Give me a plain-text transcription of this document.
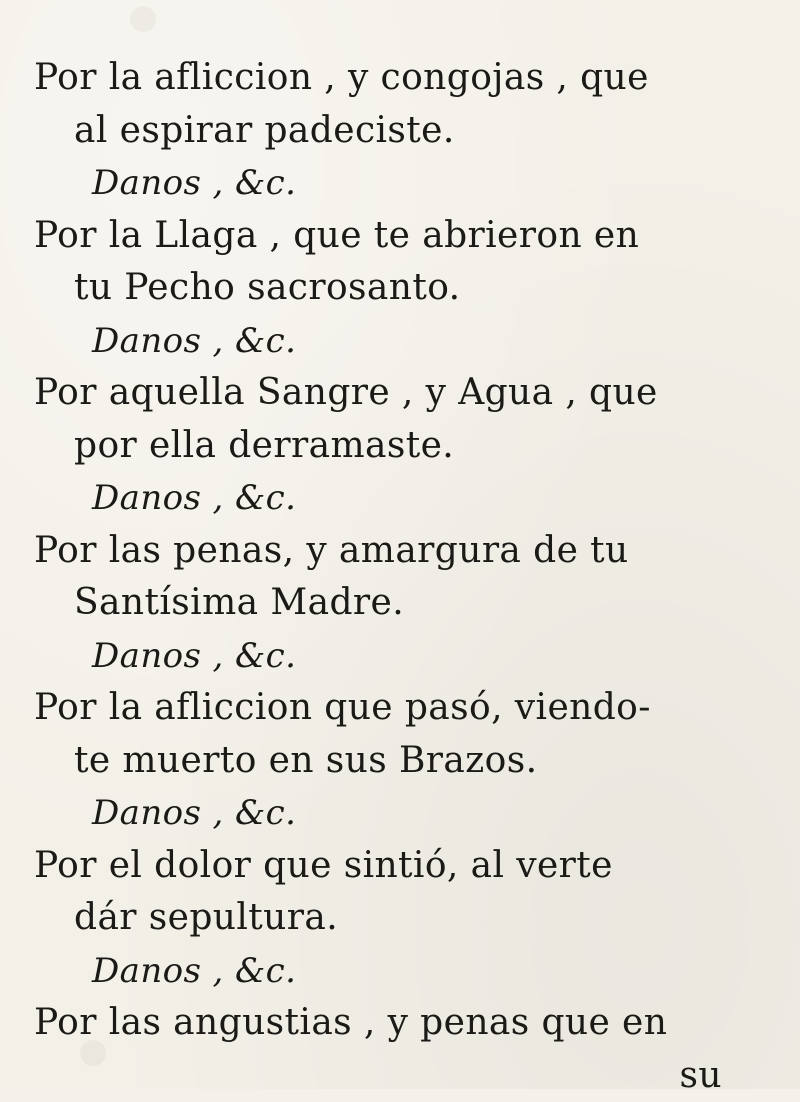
Por la afliccion , y congojas , que
al espirar padeciste.
Danos , &c.
Por la Llaga , que te abrieron en
tu Pecho sacrosanto.
Danos , &c.
Por aquella Sangre , y Agua , que
por ella derramaste.
Danos , &c.
Por las penas, y amargura de tu
Santísima Madre.
Danos , &c.
Por la afliccion que pasó, viendo-
te muerto en sus Brazos.
Danos , &c.
Por el dolor que sintió, al verte
dár sepultura.
Danos , &c.
Por las angustias , y penas que en
su
